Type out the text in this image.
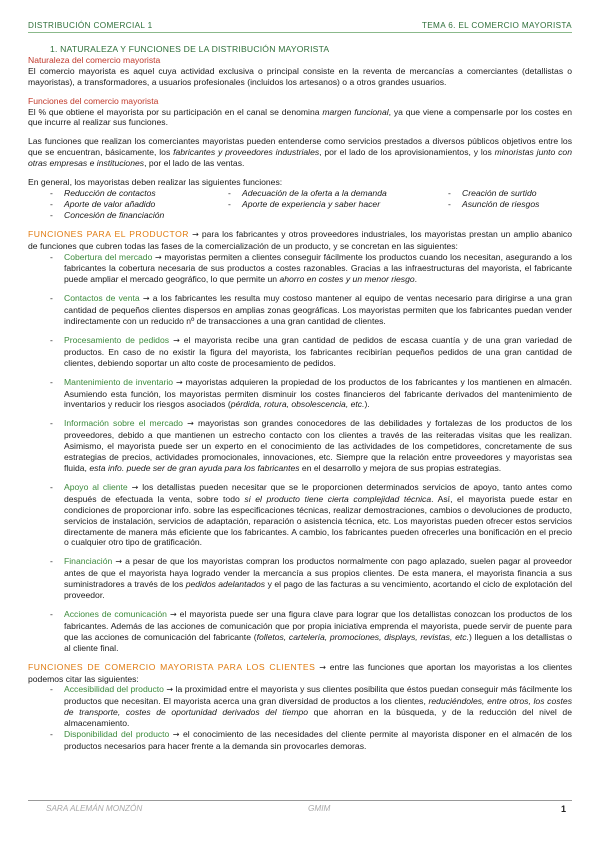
DISTRIBUCIÓN COMERCIAL 1	TEMA 6. EL COMERCIO MAYORISTA
1. NATURALEZA Y FUNCIONES DE LA DISTRIBUCIÓN MAYORISTA
Naturaleza del comercio mayorista

El comercio mayorista es aquel cuya actividad exclusiva o principal consiste en la reventa de mercancías a comerciantes (detallistas o mayoristas), a transformadores, a usuarios profesionales (incluidos los artesanos) o a otros grandes usuarios.

Funciones del comercio mayorista

El % que obtiene el mayorista por su participación en el canal se denomina margen funcional, ya que viene a compensarle por los costes en que incurre al realizar sus funciones.

Las funciones que realizan los comerciantes mayoristas pueden entenderse como servicios prestados a diversos públicos objetivos entre los que se encuentran, básicamente, los fabricantes y proveedores industriales, por el lado de los aprovisionamientos, y los minoristas junto con otras empresas e instituciones, por el lado de las ventas.

En general, los mayoristas deben realizar las siguientes funciones:

- Reducción de contactos	- Adecuación de la oferta a la demanda	- Creación de surtido
- Aporte de valor añadido	- Aporte de experiencia y saber hacer	- Asunción de riesgos
- Concesión de financiación

FUNCIONES PARA EL PRODUCTOR → para los fabricantes y otros proveedores industriales, los mayoristas prestan un amplio abanico de funciones que cubren todas las fases de la comercialización de un producto, y se concretan en las siguientes:

- Cobertura del mercado → mayoristas permiten a clientes conseguir fácilmente los productos cuando los necesitan, asegurando a los fabricantes la cobertura necesaria de sus productos a costes razonables. Gracias a las infraestructuras del mayorista, el fabricante puede ampliar el mercado geográfico, lo que permite un ahorro en costes y un menor riesgo.
- Contactos de venta → a los fabricantes les resulta muy costoso mantener al equipo de ventas necesario para dirigirse a una gran cantidad de pequeños clientes dispersos en amplias zonas geográficas. Los mayoristas permiten que los fabricantes puedan vender indirectamente con un reducido nº de transacciones a una gran cantidad de clientes.
- Procesamiento de pedidos → el mayorista recibe una gran cantidad de pedidos de escasa cuantía y de una gran variedad de productos. En caso de no existir la figura del mayorista, los fabricantes recibirían pequeños pedidos de una gran cantidad de clientes, debiendo soportar un alto coste de procesamiento de pedidos.
- Mantenimiento de inventario → mayoristas adquieren la propiedad de los productos de los fabricantes y los mantienen en almacén. Asumiendo esta función, los mayoristas permiten disminuir los costes financieros del fabricante derivados del mantenimiento de inventarios y reducir los riesgos asociados (pérdida, rotura, obsolescencia, etc.).
- Información sobre el mercado → mayoristas son grandes conocedores de las debilidades y fortalezas de los productos de los proveedores, debido a que mantienen un estrecho contacto con los clientes a través de las reiteradas visitas que les realizan. Asimismo, el mayorista puede ser un experto en el conocimiento de las actividades de los competidores, concretamente de sus estrategias de precios, actividades promocionales, innovaciones, etc. Siempre que la relación entre proveedores y mayoristas sea fluida, esta info. puede ser de gran ayuda para los fabricantes en el desarrollo y mejora de sus propias estrategias.
- Apoyo al cliente → los detallistas pueden necesitar que se le proporcionen determinados servicios de apoyo, tanto antes como después de efectuada la venta, sobre todo si el producto tiene cierta complejidad técnica. Así, el mayorista puede estar en condiciones de proporcionar info. sobre las especificaciones técnicas, realizar demostraciones, cambios o devoluciones de producto, servicios de instalación, servicios de adaptación, reparación o asistencia técnica, etc. Los mayoristas pueden ofrecer estos servicios directamente de manera más eficiente que los fabricantes. A cambio, los fabricantes pueden ofrecerles una bonificación en el precio o cualquier otro tipo de gratificación.
- Financiación → a pesar de que los mayoristas compran los productos normalmente con pago aplazado, suelen pagar al proveedor antes de que el mayorista haya logrado vender la mercancía a sus propios clientes. De esta manera, el mayorista financia a sus suministradores a través de los pedidos adelantados y el pago de las facturas a su vencimiento, acortando el ciclo de explotación del proveedor.
- Acciones de comunicación → el mayorista puede ser una figura clave para lograr que los detallistas conozcan los productos de los fabricantes. Además de las acciones de comunicación que por propia iniciativa emprenda el mayorista, puede servir de puente para que las acciones de comunicación del fabricante (folletos, cartelería, promociones, displays, revistas, etc.) lleguen a los detallistas o al cliente final.

FUNCIONES DE COMERCIO MAYORISTA PARA LOS CLIENTES → entre las funciones que aportan los mayoristas a los clientes podemos citar las siguientes:

- Accesibilidad del producto → la proximidad entre el mayorista y sus clientes posibilita que éstos puedan conseguir más fácilmente los productos que necesitan. El mayorista acerca una gran diversidad de productos a los clientes, reduciéndoles, entre otros, los costes de transporte, costes de oportunidad derivados del tiempo que ahorran en la búsqueda, y de la reducción del nivel de almacenamiento.
- Disponibilidad del producto → el conocimiento de las necesidades del cliente permite al mayorista disponer en el almacén de los productos necesarios para hacer frente a la demanda sin provocarles demoras.
SARA ALEMÁN MONZÓN	GMIM	1
